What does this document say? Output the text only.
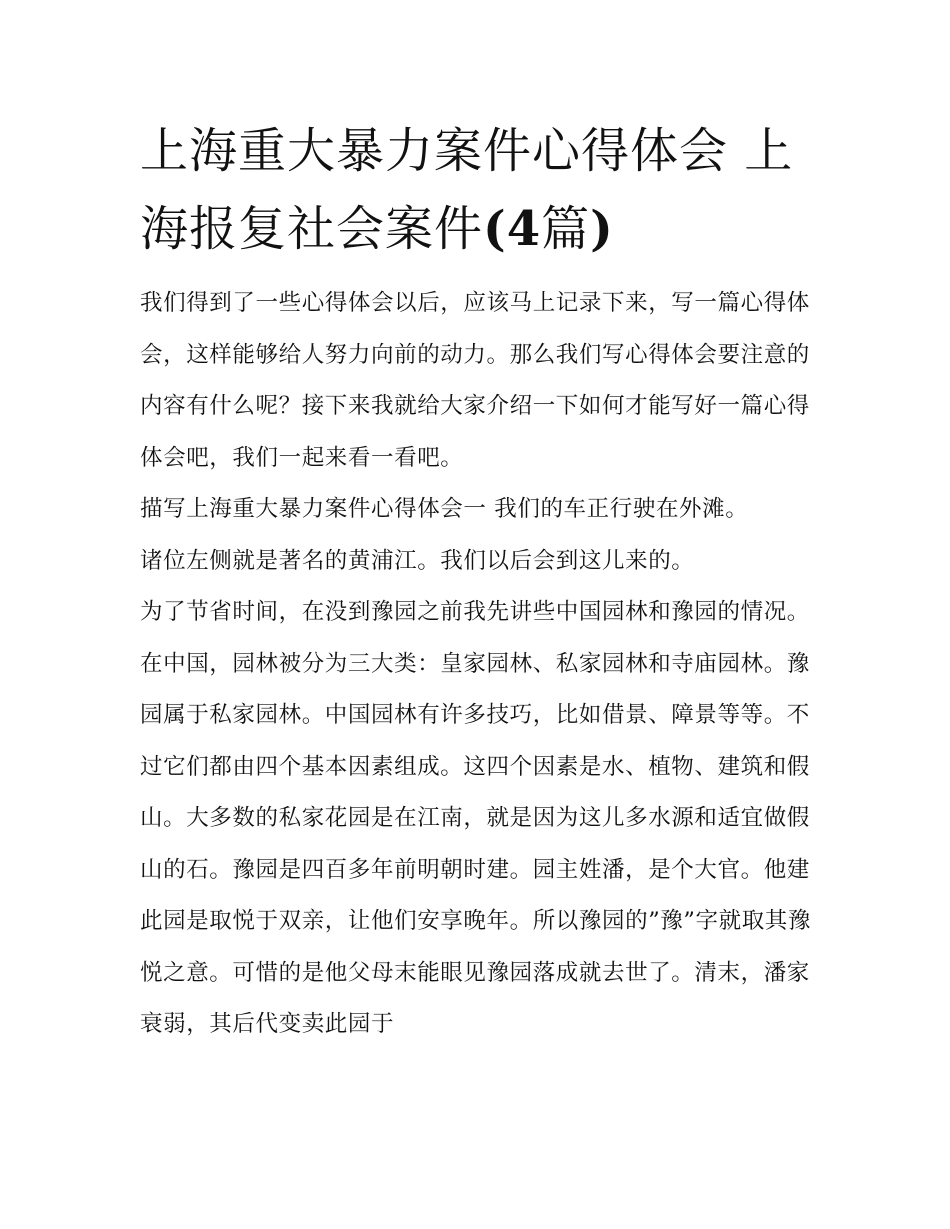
上海重大暴力案件心得体会 上海报复社会案件(4篇)

我们得到了一些心得体会以后，应该马上记录下来，写一篇心得体会，这样能够给人努力向前的动力。那么我们写心得体会要注意的内容有什么呢？接下来我就给大家介绍一下如何才能写好一篇心得体会吧，我们一起来看一看吧。

描写上海重大暴力案件心得体会一 我们的车正行驶在外滩。

诸位左侧就是著名的黄浦江。我们以后会到这儿来的。

为了节省时间，在没到豫园之前我先讲些中国园林和豫园的情况。

在中国，园林被分为三大类：皇家园林、私家园林和寺庙园林。豫园属于私家园林。中国园林有许多技巧，比如借景、障景等等。不过它们都由四个基本因素组成。这四个因素是水、植物、建筑和假山。大多数的私家花园是在江南，就是因为这儿多水源和适宜做假山的石。豫园是四百多年前明朝时建。园主姓潘，是个大官。他建此园是取悦于双亲，让他们安享晚年。所以豫园的”豫”字就取其豫悦之意。可惜的是他父母末能眼见豫园落成就去世了。清末，潘家衰弱，其后代变卖此园于
